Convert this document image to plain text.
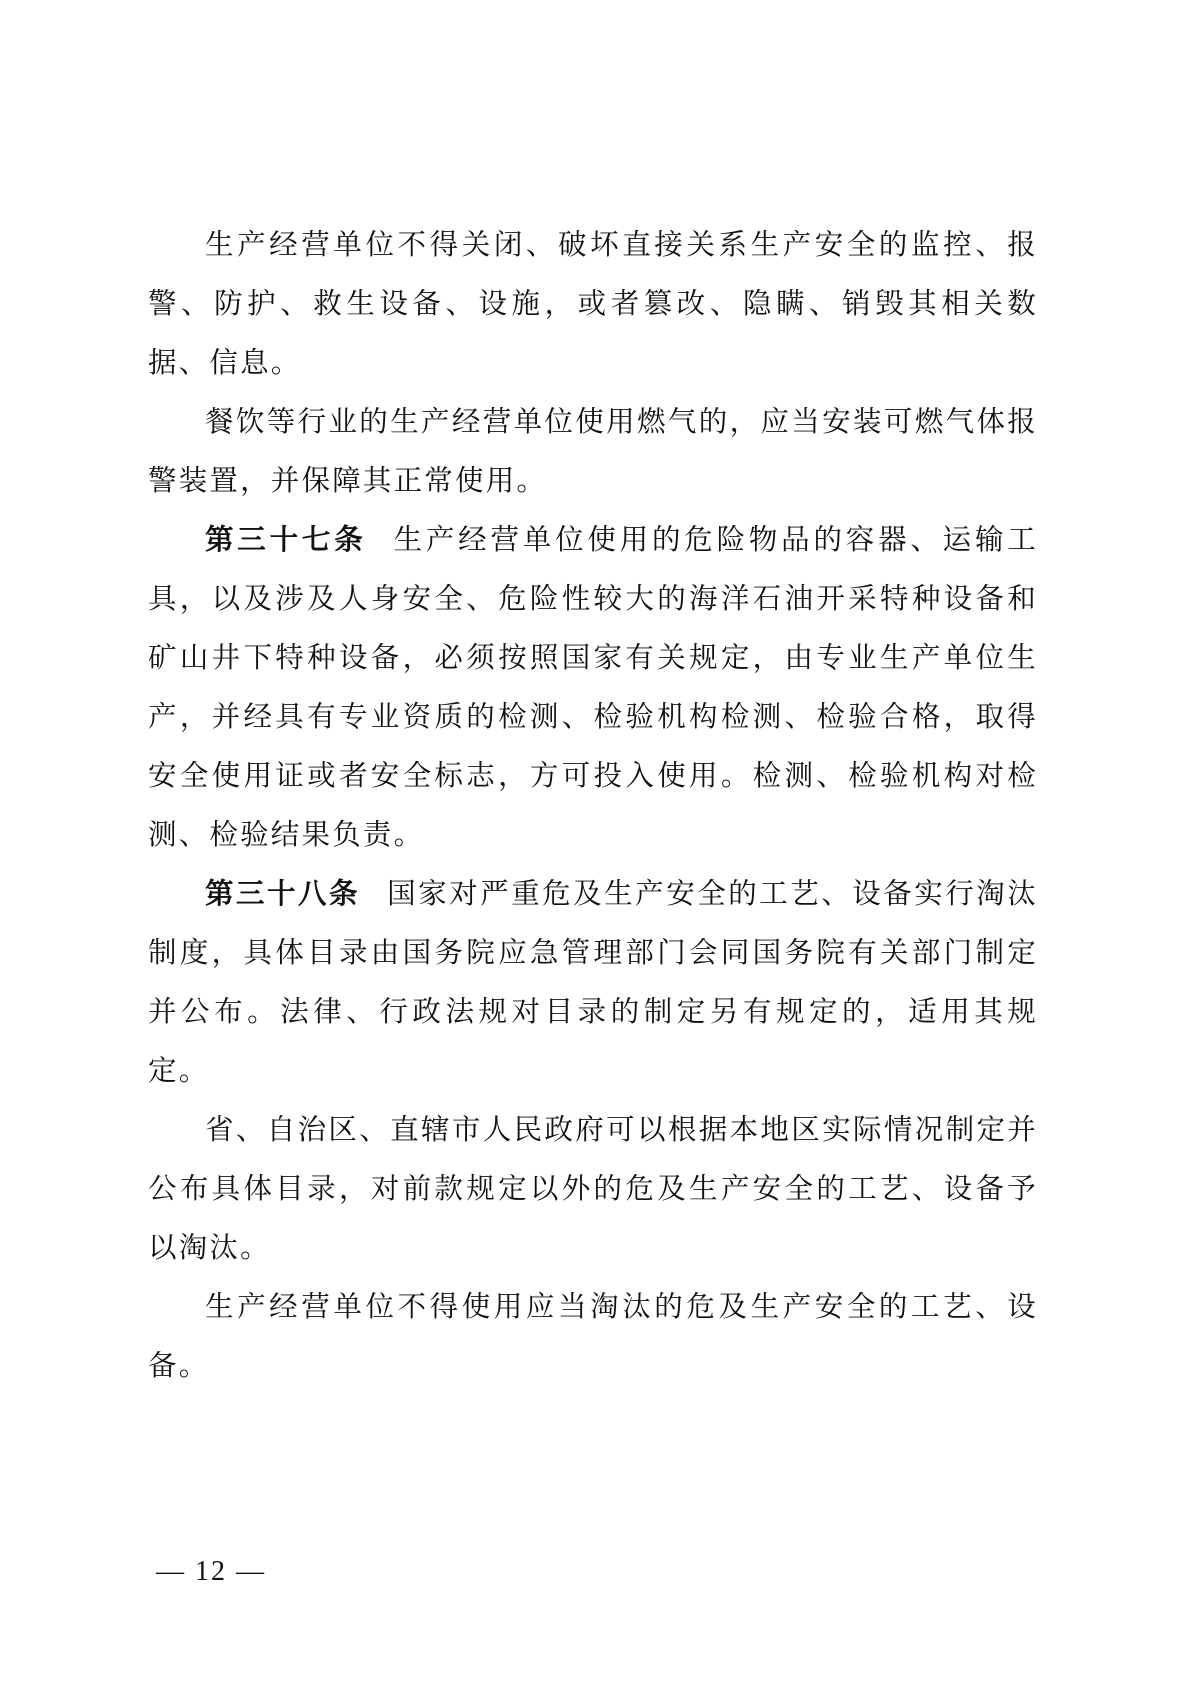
生产经营单位不得关闭、破坏直接关系生产安全的监控、报警、防护、救生设备、设施，或者篡改、隐瞒、销毁其相关数据、信息。

餐饮等行业的生产经营单位使用燃气的，应当安装可燃气体报警装置，并保障其正常使用。

第三十七条 生产经营单位使用的危险物品的容器、运输工具，以及涉及人身安全、危险性较大的海洋石油开采特种设备和矿山井下特种设备，必须按照国家有关规定，由专业生产单位生产，并经具有专业资质的检测、检验机构检测、检验合格，取得安全使用证或者安全标志，方可投入使用。检测、检验机构对检测、检验结果负责。

第三十八条 国家对严重危及生产安全的工艺、设备实行淘汰制度，具体目录由国务院应急管理部门会同国务院有关部门制定并公布。法律、行政法规对目录的制定另有规定的，适用其规定。

省、自治区、直辖市人民政府可以根据本地区实际情况制定并公布具体目录，对前款规定以外的危及生产安全的工艺、设备予以淘汰。

生产经营单位不得使用应当淘汰的危及生产安全的工艺、设备。

— 12 —
